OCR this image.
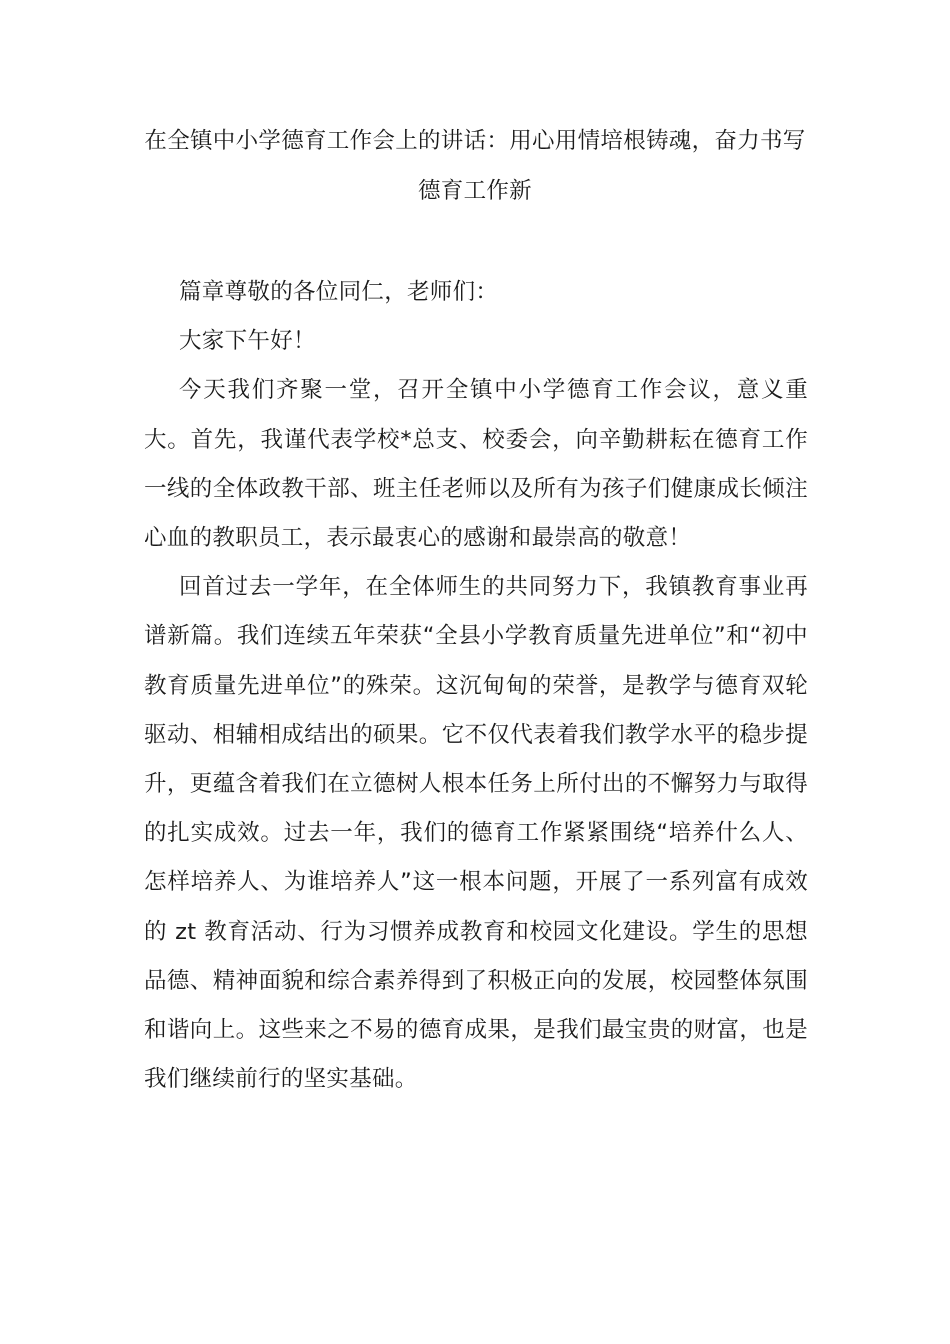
在全镇中小学德育工作会上的讲话：用心用情培根铸魂，奋力书写德育工作新

篇章尊敬的各位同仁，老师们：

大家下午好！

今天我们齐聚一堂，召开全镇中小学德育工作会议，意义重大。首先，我谨代表学校*总支、校委会，向辛勤耕耘在德育工作一线的全体政教干部、班主任老师以及所有为孩子们健康成长倾注心血的教职员工，表示最衷心的感谢和最崇高的敬意！

回首过去一学年，在全体师生的共同努力下，我镇教育事业再谱新篇。我们连续五年荣获“全县小学教育质量先进单位”和“初中教育质量先进单位”的殊荣。这沉甸甸的荣誉，是教学与德育双轮驱动、相辅相成结出的硕果。它不仅代表着我们教学水平的稳步提升，更蕴含着我们在立德树人根本任务上所付出的不懈努力与取得的扎实成效。过去一年，我们的德育工作紧紧围绕“培养什么人、怎样培养人、为谁培养人”这一根本问题，开展了一系列富有成效的 zt 教育活动、行为习惯养成教育和校园文化建设。学生的思想品德、精神面貌和综合素养得到了积极正向的发展，校园整体氛围和谐向上。这些来之不易的德育成果，是我们最宝贵的财富，也是我们继续前行的坚实基础。
